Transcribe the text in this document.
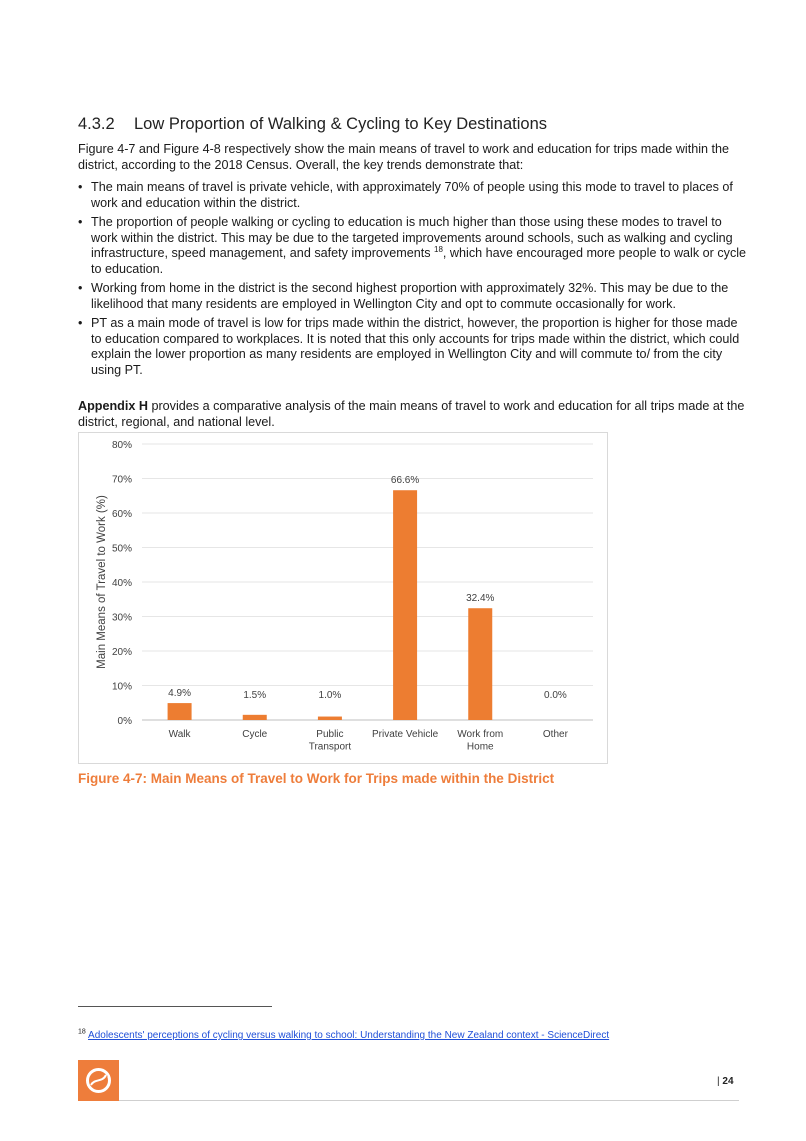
4.3.2 Low Proportion of Walking & Cycling to Key Destinations

Figure 4-7 and Figure 4-8 respectively show the main means of travel to work and education for trips made within the district, according to the 2018 Census. Overall, the key trends demonstrate that:

• The main means of travel is private vehicle, with approximately 70% of people using this mode to travel to places of work and education within the district.
• The proportion of people walking or cycling to education is much higher than those using these modes to travel to work within the district. This may be due to the targeted improvements around schools, such as walking and cycling infrastructure, speed management, and safety improvements $^{18}$, which have encouraged more people to walk or cycle to education.
• Working from home in the district is the second highest proportion with approximately 32%. This may be due to the likelihood that many residents are employed in Wellington City and opt to commute occasionally for work.
• PT as a main mode of travel is low for trips made within the district, however, the proportion is higher for those made to education compared to workplaces. It is noted that this only accounts for trips made within the district, which could explain the lower proportion as many residents are employed in Wellington City and will commute to/ from the city using PT.

Appendix H provides a comparative analysis of the main means of travel to work and education for all trips made at the district, regional, and national level.

0%
10%
20%
30%
40%
50%
60%
70%
80%
Main Means of Travel to Work (%)
4.9%
Walk
1.5%
Cycle
1.0%
Public
Transport
66.6%
Private Vehicle
32.4%
Work from
Home
0.0%
Other

Figure 4-7: Main Means of Travel to Work for Trips made within the District

$^{18}$ Adolescents' perceptions of cycling versus walking to school: Understanding the New Zealand context - ScienceDirect

| 24
